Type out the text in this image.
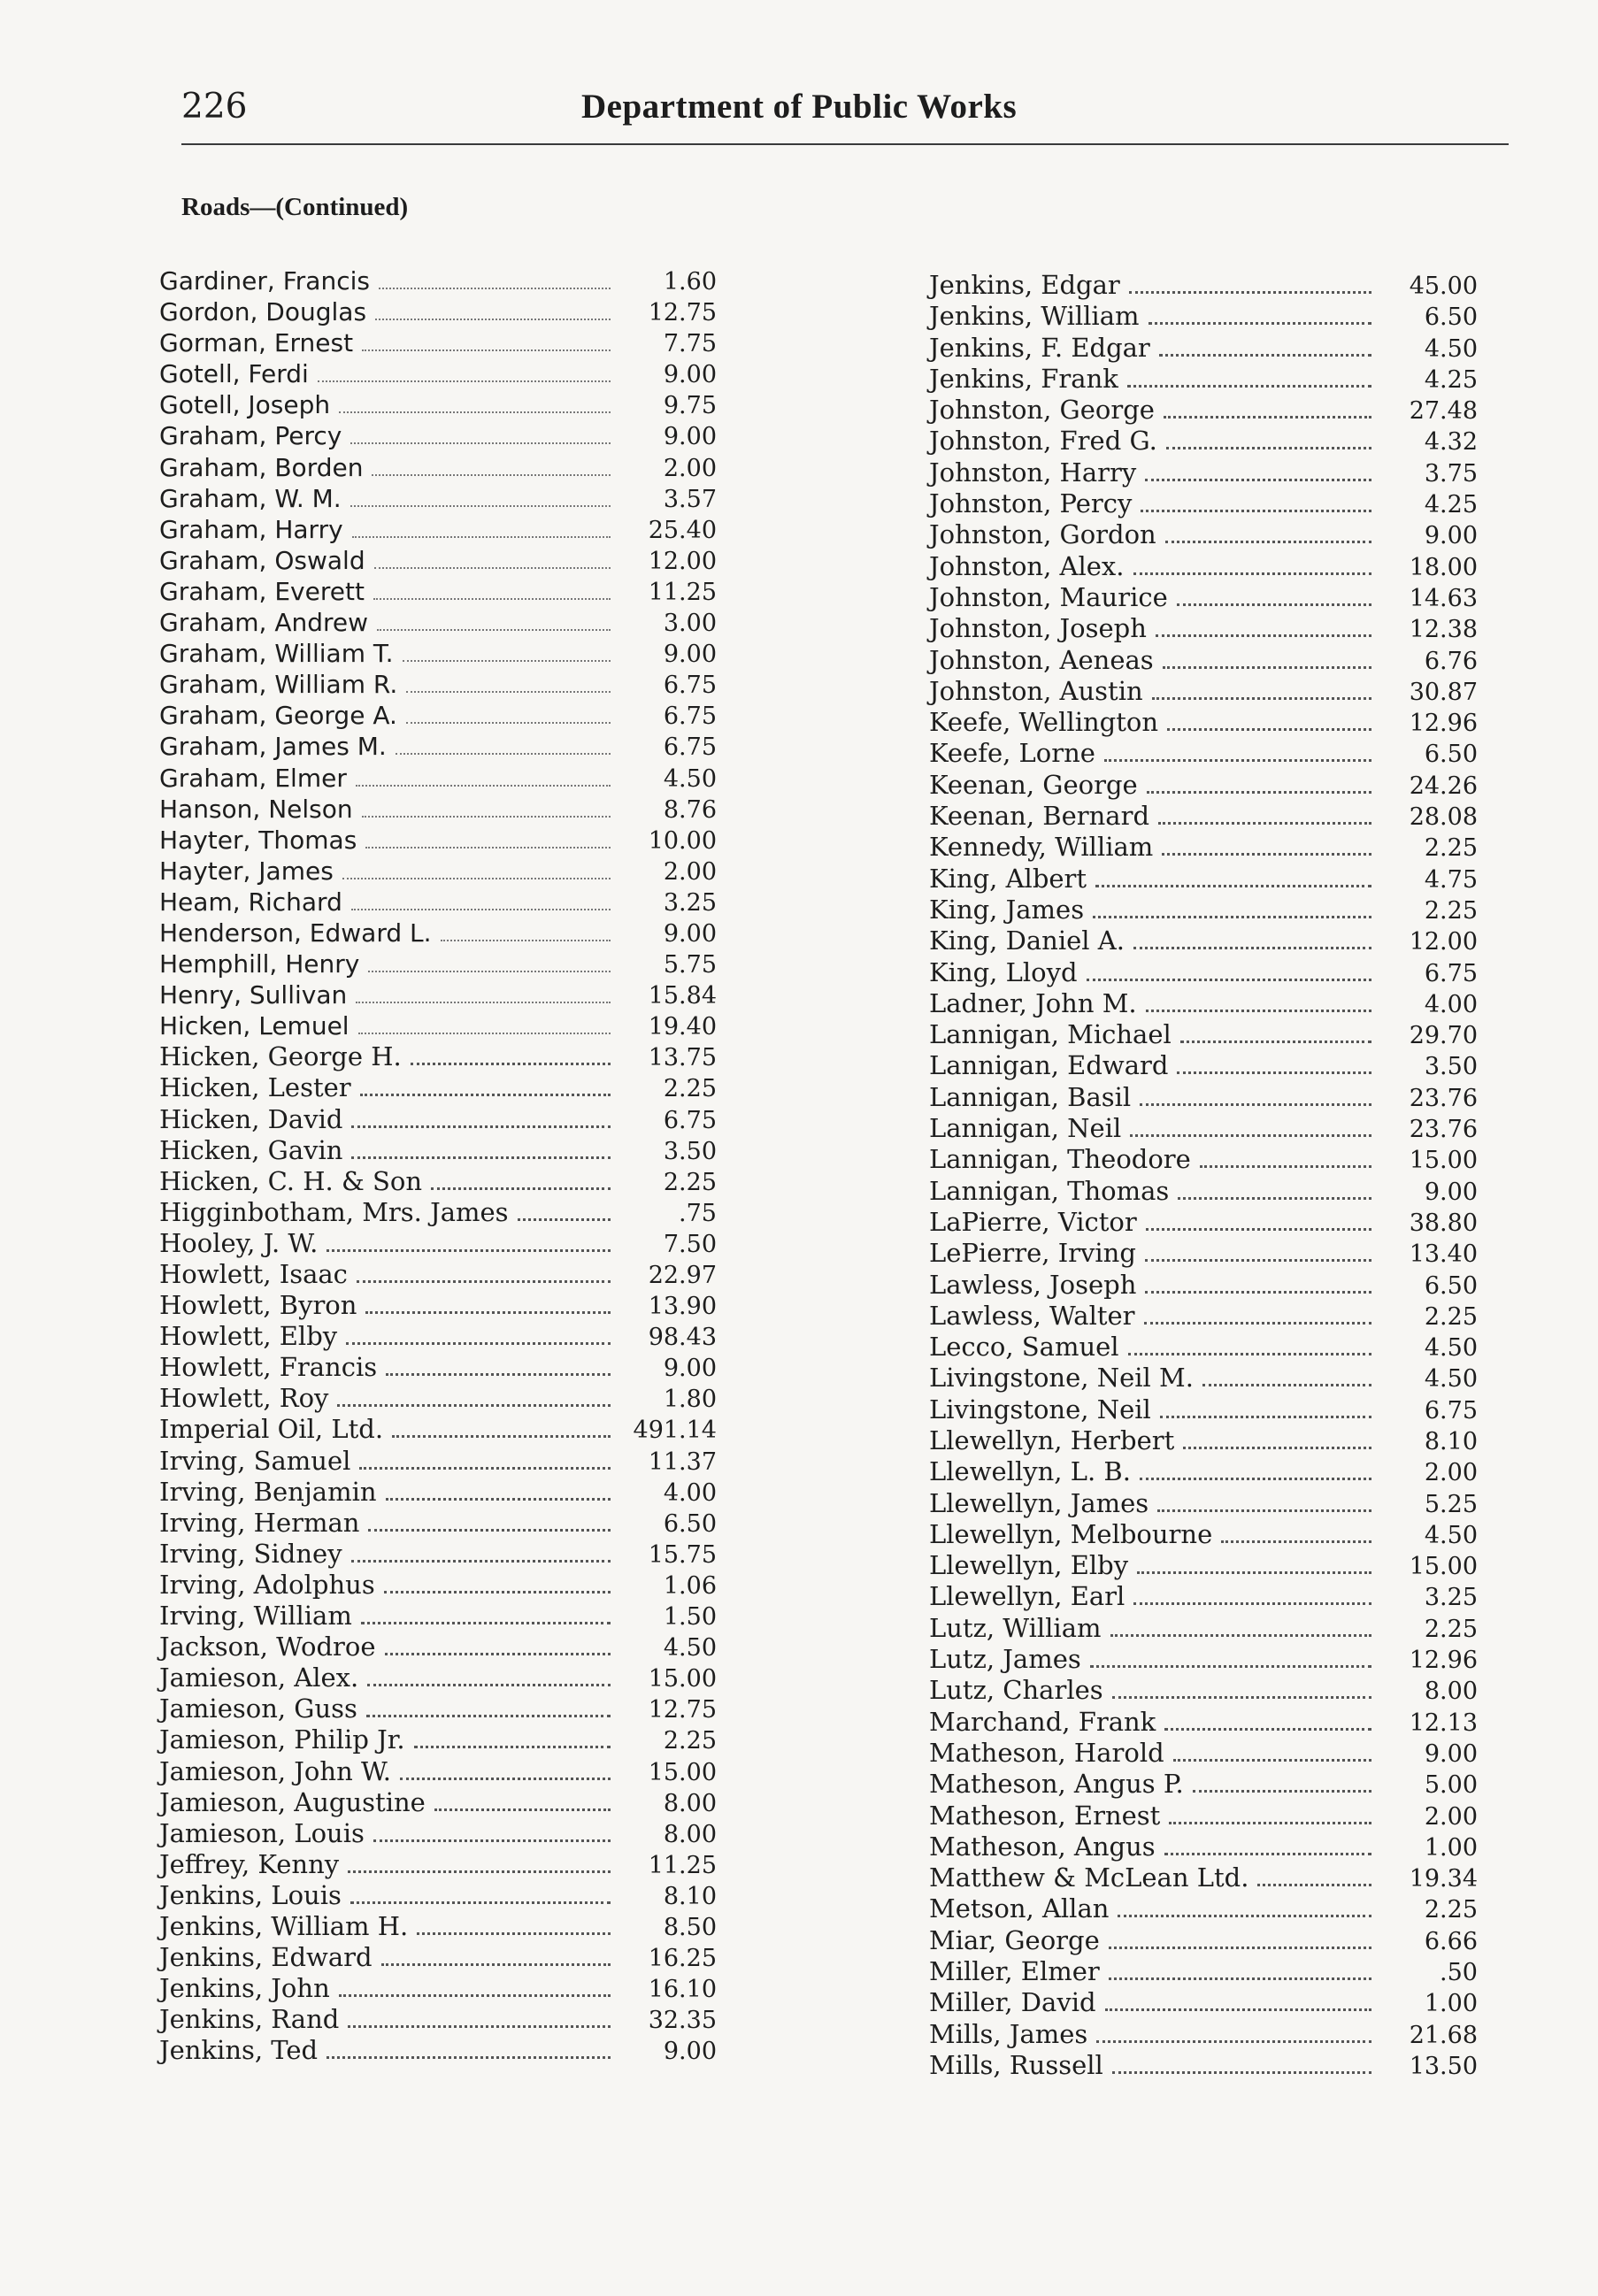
226	Department of Public Works
Roads—(Continued)
Gardiner, Francis	1.60
Gordon, Douglas	12.75
Gorman, Ernest	7.75
Gotell, Ferdi	9.00
Gotell, Joseph	9.75
Graham, Percy	9.00
Graham, Borden	2.00
Graham, W. M.	3.57
Graham, Harry	25.40
Graham, Oswald	12.00
Graham, Everett	11.25
Graham, Andrew	3.00
Graham, William T.	9.00
Graham, William R.	6.75
Graham, George A.	6.75
Graham, James M.	6.75
Graham, Elmer	4.50
Hanson, Nelson	8.76
Hayter, Thomas	10.00
Hayter, James	2.00
Heam, Richard	3.25
Henderson, Edward L.	9.00
Hemphill, Henry	5.75
Henry, Sullivan	15.84
Hicken, Lemuel	19.40
Hicken, George H.	13.75
Hicken, Lester	2.25
Hicken, David	6.75
Hicken, Gavin	3.50
Hicken, C. H. & Son	2.25
Higginbotham, Mrs. James	.75
Hooley, J. W.	7.50
Howlett, Isaac	22.97
Howlett, Byron	13.90
Howlett, Elby	98.43
Howlett, Francis	9.00
Howlett, Roy	1.80
Imperial Oil, Ltd.	491.14
Irving, Samuel	11.37
Irving, Benjamin	4.00
Irving, Herman	6.50
Irving, Sidney	15.75
Irving, Adolphus	1.06
Irving, William	1.50
Jackson, Wodroe	4.50
Jamieson, Alex.	15.00
Jamieson, Guss	12.75
Jamieson, Philip Jr.	2.25
Jamieson, John W.	15.00
Jamieson, Augustine	8.00
Jamieson, Louis	8.00
Jeffrey, Kenny	11.25
Jenkins, Louis	8.10
Jenkins, William H.	8.50
Jenkins, Edward	16.25
Jenkins, John	16.10
Jenkins, Rand	32.35
Jenkins, Ted	9.00
Jenkins, Edgar	45.00
Jenkins, William	6.50
Jenkins, F. Edgar	4.50
Jenkins, Frank	4.25
Johnston, George	27.48
Johnston, Fred G.	4.32
Johnston, Harry	3.75
Johnston, Percy	4.25
Johnston, Gordon	9.00
Johnston, Alex.	18.00
Johnston, Maurice	14.63
Johnston, Joseph	12.38
Johnston, Aeneas	6.76
Johnston, Austin	30.87
Keefe, Wellington	12.96
Keefe, Lorne	6.50
Keenan, George	24.26
Keenan, Bernard	28.08
Kennedy, William	2.25
King, Albert	4.75
King, James	2.25
King, Daniel A.	12.00
King, Lloyd	6.75
Ladner, John M.	4.00
Lannigan, Michael	29.70
Lannigan, Edward	3.50
Lannigan, Basil	23.76
Lannigan, Neil	23.76
Lannigan, Theodore	15.00
Lannigan, Thomas	9.00
LaPierre, Victor	38.80
LePierre, Irving	13.40
Lawless, Joseph	6.50
Lawless, Walter	2.25
Lecco, Samuel	4.50
Livingstone, Neil M.	4.50
Livingstone, Neil	6.75
Llewellyn, Herbert	8.10
Llewellyn, L. B.	2.00
Llewellyn, James	5.25
Llewellyn, Melbourne	4.50
Llewellyn, Elby	15.00
Llewellyn, Earl	3.25
Lutz, William	2.25
Lutz, James	12.96
Lutz, Charles	8.00
Marchand, Frank	12.13
Matheson, Harold	9.00
Matheson, Angus P.	5.00
Matheson, Ernest	2.00
Matheson, Angus	1.00
Matthew & McLean Ltd.	19.34
Metson, Allan	2.25
Miar, George	6.66
Miller, Elmer	.50
Miller, David	1.00
Mills, James	21.68
Mills, Russell	13.50
